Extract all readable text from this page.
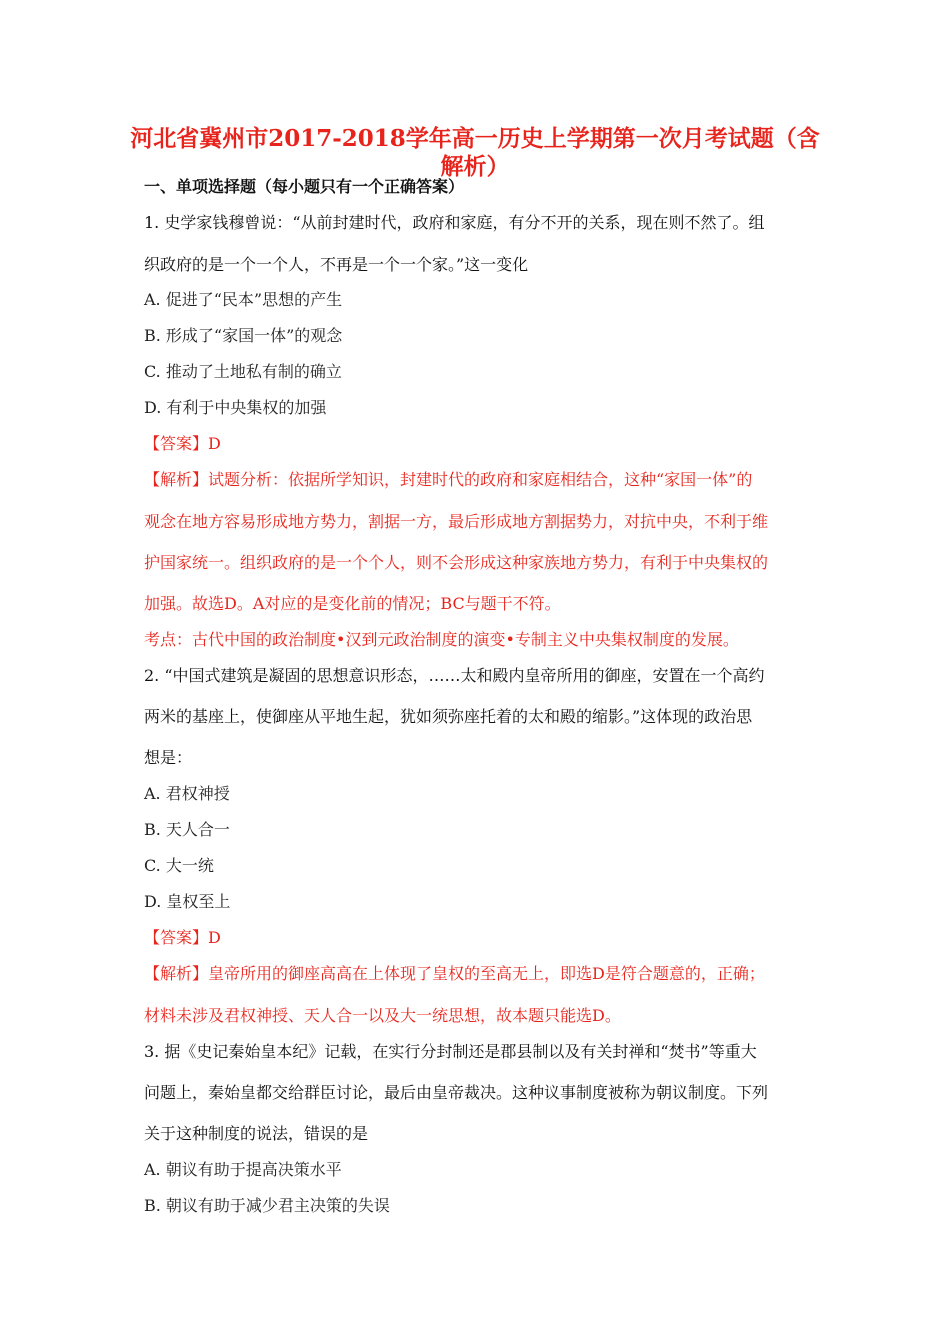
河北省冀州市2017-2018学年高一历史上学期第一次月考试题（含
解析）
一、单项选择题（每小题只有一个正确答案）
1. 史学家钱穆曾说：“从前封建时代，政府和家庭，有分不开的关系，现在则不然了。组
织政府的是一个一个人，不再是一个一个家。”这一变化
A. 促进了“民本”思想的产生
B. 形成了“家国一体”的观念
C. 推动了土地私有制的确立
D. 有利于中央集权的加强
【答案】D
【解析】试题分析：依据所学知识，封建时代的政府和家庭相结合，这种“家国一体”的
观念在地方容易形成地方势力，割据一方，最后形成地方割据势力，对抗中央，不利于维
护国家统一。组织政府的是一个个人，则不会形成这种家族地方势力，有利于中央集权的
加强。故选D。A对应的是变化前的情况；BC与题干不符。
考点：古代中国的政治制度•汉到元政治制度的演变•专制主义中央集权制度的发展。
2. “中国式建筑是凝固的思想意识形态，……太和殿内皇帝所用的御座，安置在一个高约
两米的基座上，使御座从平地生起，犹如须弥座托着的太和殿的缩影。”这体现的政治思
想是：
A. 君权神授
B. 天人合一
C. 大一统
D. 皇权至上
【答案】D
【解析】皇帝所用的御座高高在上体现了皇权的至高无上，即选D是符合题意的，正确；
材料未涉及君权神授、天人合一以及大一统思想，故本题只能选D。
3. 据《史记秦始皇本纪》记载，在实行分封制还是郡县制以及有关封禅和“焚书”等重大
问题上，秦始皇都交给群臣讨论，最后由皇帝裁决。这种议事制度被称为朝议制度。下列
关于这种制度的说法，错误的是
A. 朝议有助于提高决策水平
B. 朝议有助于减少君主决策的失误
